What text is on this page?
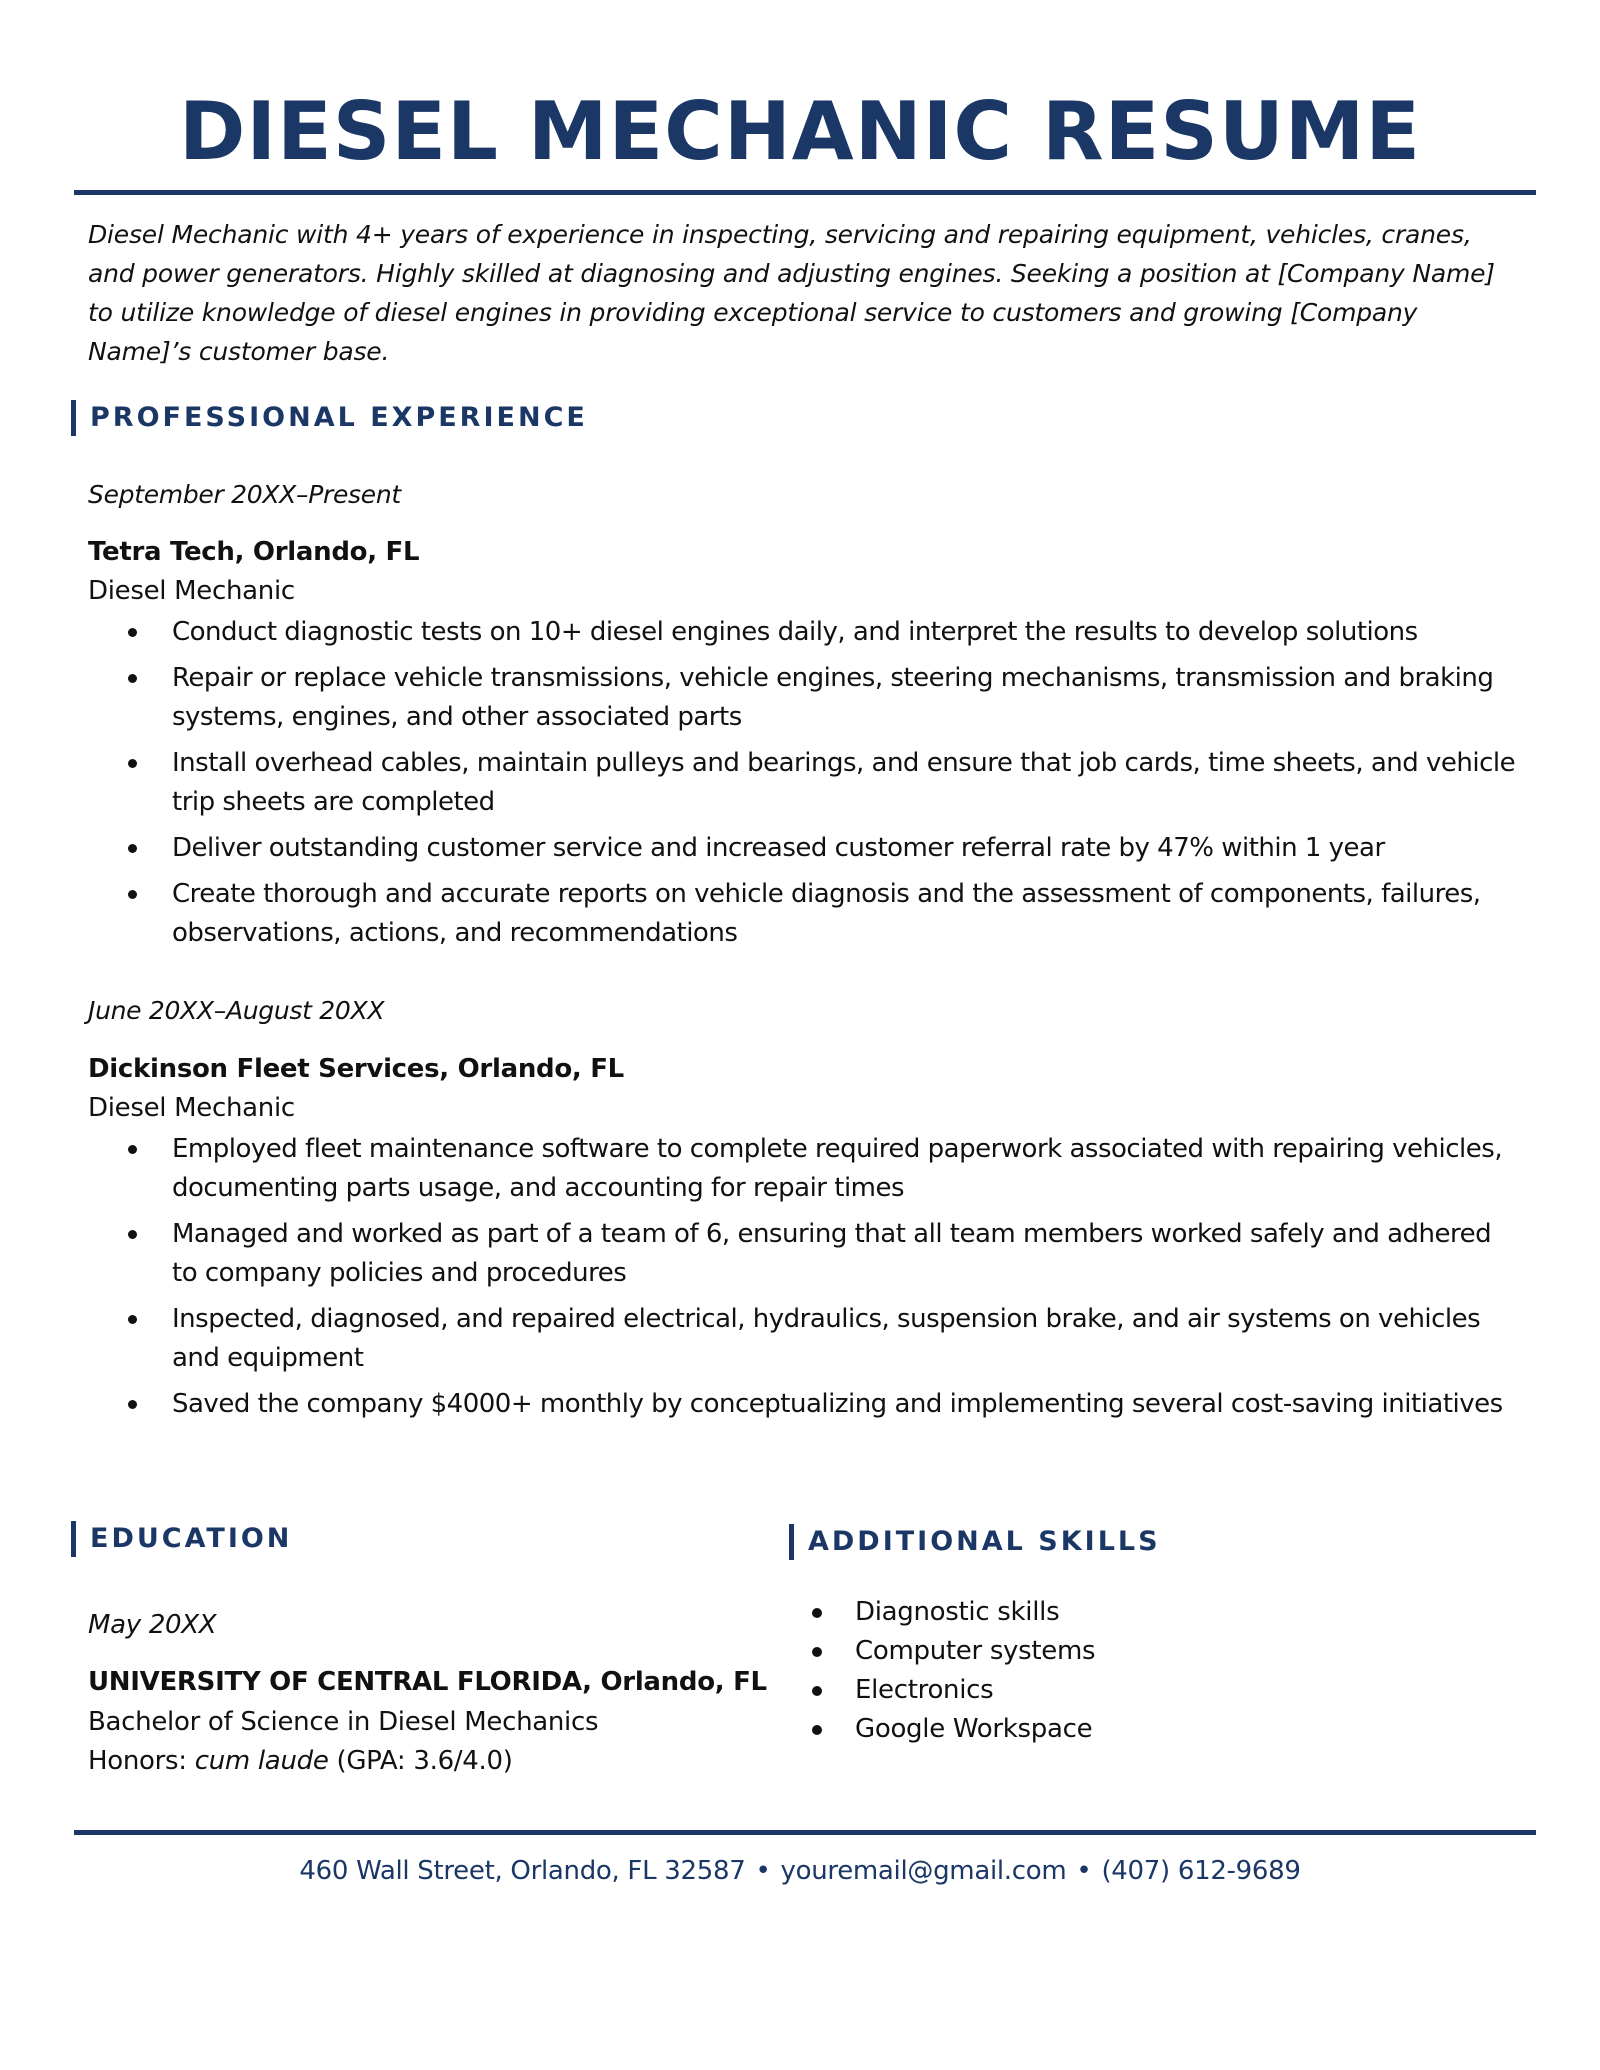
DIESEL MECHANIC RESUME

Diesel Mechanic with 4+ years of experience in inspecting, servicing and repairing equipment, vehicles, cranes, and power generators. Highly skilled at diagnosing and adjusting engines. Seeking a position at [Company Name] to utilize knowledge of diesel engines in providing exceptional service to customers and growing [Company Name]’s customer base.

PROFESSIONAL EXPERIENCE
September 20XX–Present
Tetra Tech, Orlando, FL
Diesel Mechanic
Conduct diagnostic tests on 10+ diesel engines daily, and interpret the results to develop solutions
Repair or replace vehicle transmissions, vehicle engines, steering mechanisms, transmission and braking systems, engines, and other associated parts
Install overhead cables, maintain pulleys and bearings, and ensure that job cards, time sheets, and vehicle trip sheets are completed
Deliver outstanding customer service and increased customer referral rate by 47% within 1 year
Create thorough and accurate reports on vehicle diagnosis and the assessment of components, failures, observations, actions, and recommendations
June 20XX–August 20XX
Dickinson Fleet Services, Orlando, FL
Diesel Mechanic
Employed fleet maintenance software to complete required paperwork associated with repairing vehicles, documenting parts usage, and accounting for repair times
Managed and worked as part of a team of 6, ensuring that all team members worked safely and adhered to company policies and procedures
Inspected, diagnosed, and repaired electrical, hydraulics, suspension brake, and air systems on vehicles and equipment
Saved the company $4000+ monthly by conceptualizing and implementing several cost-saving initiatives
EDUCATION
May 20XX
UNIVERSITY OF CENTRAL FLORIDA, Orlando, FL
Bachelor of Science in Diesel Mechanics
Honors: cum laude (GPA: 3.6/4.0)
ADDITIONAL SKILLS
Diagnostic skills
Computer systems
Electronics
Google Workspace
460 Wall Street, Orlando, FL 32587 • youremail@gmail.com • (407) 612-9689
